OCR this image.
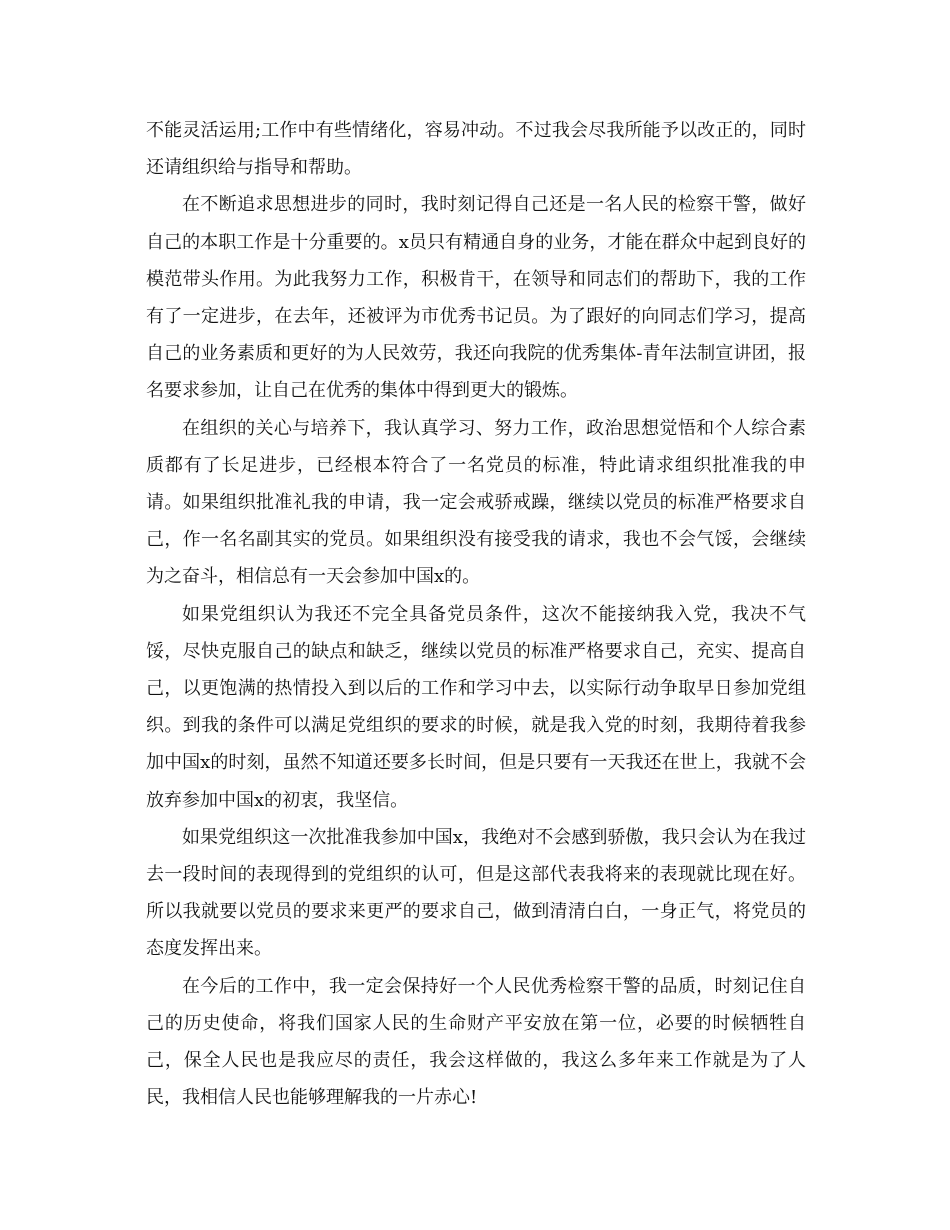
不能灵活运用;工作中有些情绪化，容易冲动。不过我会尽我所能予以改正的，同时还请组织给与指导和帮助。

在不断追求思想进步的同时，我时刻记得自己还是一名人民的检察干警，做好自己的本职工作是十分重要的。x员只有精通自身的业务，才能在群众中起到良好的模范带头作用。为此我努力工作，积极肯干，在领导和同志们的帮助下，我的工作有了一定进步，在去年，还被评为市优秀书记员。为了跟好的向同志们学习，提高自己的业务素质和更好的为人民效劳，我还向我院的优秀集体-青年法制宣讲团，报名要求参加，让自己在优秀的集体中得到更大的锻炼。

在组织的关心与培养下，我认真学习、努力工作，政治思想觉悟和个人综合素质都有了长足进步，已经根本符合了一名党员的标准，特此请求组织批准我的申请。如果组织批准礼我的申请，我一定会戒骄戒躁，继续以党员的标准严格要求自己，作一名名副其实的党员。如果组织没有接受我的请求，我也不会气馁，会继续为之奋斗，相信总有一天会参加中国x的。

如果党组织认为我还不完全具备党员条件，这次不能接纳我入党，我决不气馁，尽快克服自己的缺点和缺乏，继续以党员的标准严格要求自己，充实、提高自己，以更饱满的热情投入到以后的工作和学习中去，以实际行动争取早日参加党组织。到我的条件可以满足党组织的要求的时候，就是我入党的时刻，我期待着我参加中国x的时刻，虽然不知道还要多长时间，但是只要有一天我还在世上，我就不会放弃参加中国x的初衷，我坚信。

如果党组织这一次批准我参加中国x，我绝对不会感到骄傲，我只会认为在我过去一段时间的表现得到的党组织的认可，但是这部代表我将来的表现就比现在好。所以我就要以党员的要求来更严的要求自己，做到清清白白，一身正气，将党员的态度发挥出来。

在今后的工作中，我一定会保持好一个人民优秀检察干警的品质，时刻记住自己的历史使命，将我们国家人民的生命财产平安放在第一位，必要的时候牺牲自己，保全人民也是我应尽的责任，我会这样做的，我这么多年来工作就是为了人民，我相信人民也能够理解我的一片赤心!
